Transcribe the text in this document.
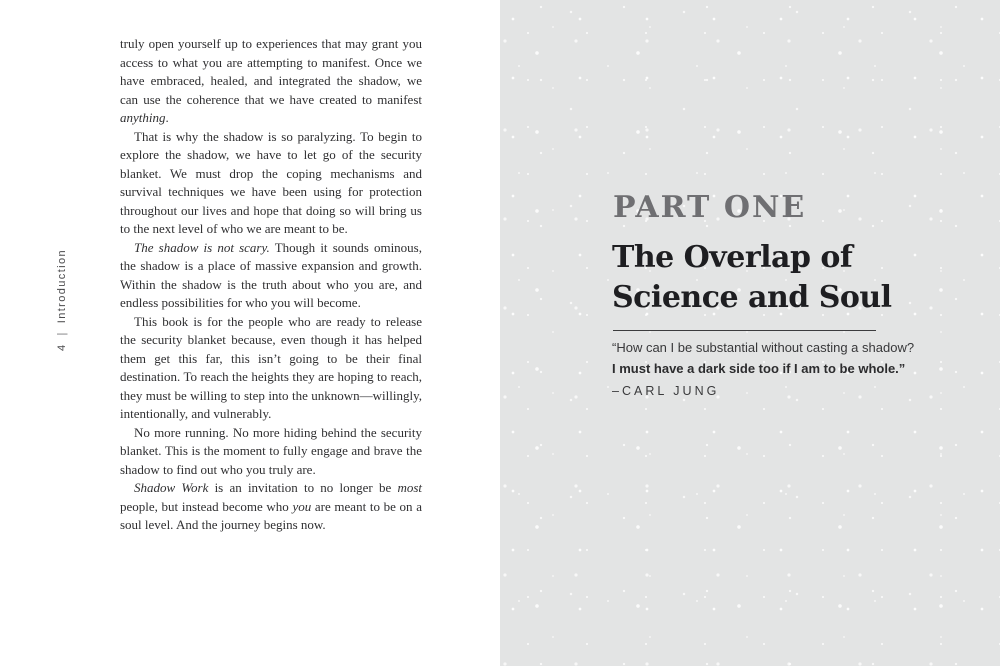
truly open yourself up to experiences that may grant you access to what you are attempting to manifest. Once we have embraced, healed, and integrated the shadow, we can use the coherence that we have created to manifest anything.

That is why the shadow is so paralyzing. To begin to explore the shadow, we have to let go of the security blanket. We must drop the coping mechanisms and survival techniques we have been using for protection throughout our lives and hope that doing so will bring us to the next level of who we are meant to be.

The shadow is not scary. Though it sounds ominous, the shadow is a place of massive expansion and growth. Within the shadow is the truth about who you are, and endless possibilities for who you will become.

This book is for the people who are ready to release the security blanket because, even though it has helped them get this far, this isn’t going to be their final destination. To reach the heights they are hoping to reach, they must be willing to step into the unknown—willingly, intentionally, and vulnerably.

No more running. No more hiding behind the security blanket. This is the moment to fully engage and brave the shadow to find out who you truly are.

Shadow Work is an invitation to no longer be most people, but instead become who you are meant to be on a soul level. And the journey begins now.

4|Introduction
PART ONE
The Overlap of
Science and Soul
“How can I be substantial without casting a shadow?
I must have a dark side too if I am to be whole.”
–CARL JUNG
